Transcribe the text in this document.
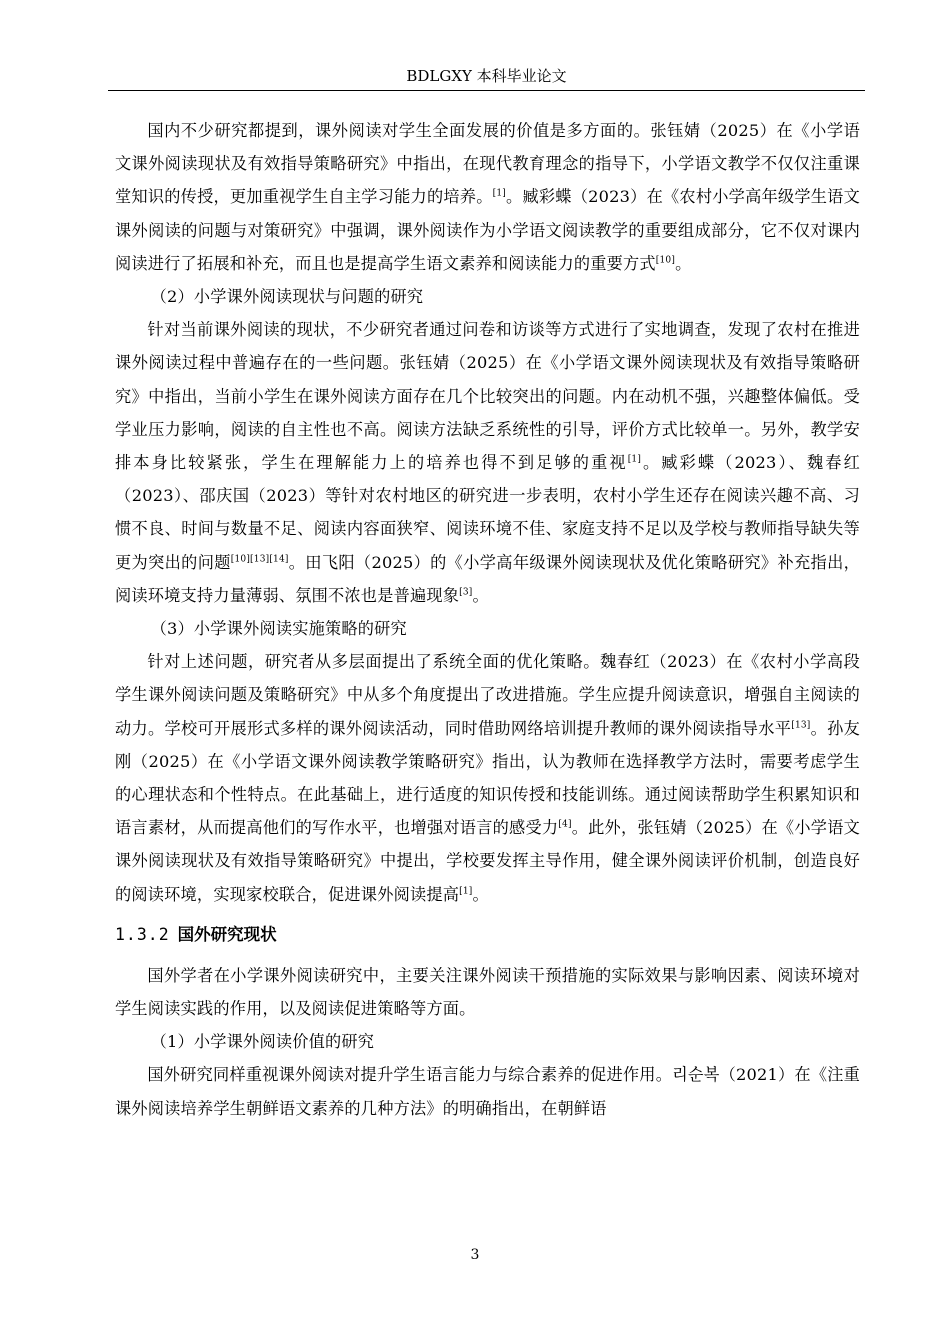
BDLGXY 本科毕业论文

国内不少研究都提到，课外阅读对学生全面发展的价值是多方面的。张钰婧（2025）在《小学语文课外阅读现状及有效指导策略研究》中指出，在现代教育理念的指导下，小学语文教学不仅仅注重课堂知识的传授，更加重视学生自主学习能力的培养。[1]。臧彩蝶（2023）在《农村小学高年级学生语文课外阅读的问题与对策研究》中强调，课外阅读作为小学语文阅读教学的重要组成部分，它不仅对课内阅读进行了拓展和补充，而且也是提高学生语文素养和阅读能力的重要方式[10]。

（2）小学课外阅读现状与问题的研究

针对当前课外阅读的现状，不少研究者通过问卷和访谈等方式进行了实地调查，发现了农村在推进课外阅读过程中普遍存在的一些问题。张钰婧（2025）在《小学语文课外阅读现状及有效指导策略研究》中指出，当前小学生在课外阅读方面存在几个比较突出的问题。内在动机不强，兴趣整体偏低。受学业压力影响，阅读的自主性也不高。阅读方法缺乏系统性的引导，评价方式比较单一。另外，教学安排本身比较紧张，学生在理解能力上的培养也得不到足够的重视[1]。臧彩蝶（2023）、魏春红（2023）、邵庆国（2023）等针对农村地区的研究进一步表明，农村小学生还存在阅读兴趣不高、习惯不良、时间与数量不足、阅读内容面狭窄、阅读环境不佳、家庭支持不足以及学校与教师指导缺失等更为突出的问题[10][13][14]。田飞阳（2025）的《小学高年级课外阅读现状及优化策略研究》补充指出，阅读环境支持力量薄弱、氛围不浓也是普遍现象[3]。

（3）小学课外阅读实施策略的研究

针对上述问题，研究者从多层面提出了系统全面的优化策略。魏春红（2023）在《农村小学高段学生课外阅读问题及策略研究》中从多个角度提出了改进措施。学生应提升阅读意识，增强自主阅读的动力。学校可开展形式多样的课外阅读活动，同时借助网络培训提升教师的课外阅读指导水平[13]。孙友刚（2025）在《小学语文课外阅读教学策略研究》指出，认为教师在选择教学方法时，需要考虑学生的心理状态和个性特点。在此基础上，进行适度的知识传授和技能训练。通过阅读帮助学生积累知识和语言素材，从而提高他们的写作水平，也增强对语言的感受力[4]。此外，张钰婧（2025）在《小学语文课外阅读现状及有效指导策略研究》中提出，学校要发挥主导作用，健全课外阅读评价机制，创造良好的阅读环境，实现家校联合，促进课外阅读提高[1]。

1.3.2 国外研究现状

国外学者在小学课外阅读研究中，主要关注课外阅读干预措施的实际效果与影响因素、阅读环境对学生阅读实践的作用，以及阅读促进策略等方面。

（1）小学课外阅读价值的研究

国外研究同样重视课外阅读对提升学生语言能力与综合素养的促进作用。리순복（2021）在《注重课外阅读培养学生朝鲜语文素养的几种方法》的明确指出，在朝鲜语

3
